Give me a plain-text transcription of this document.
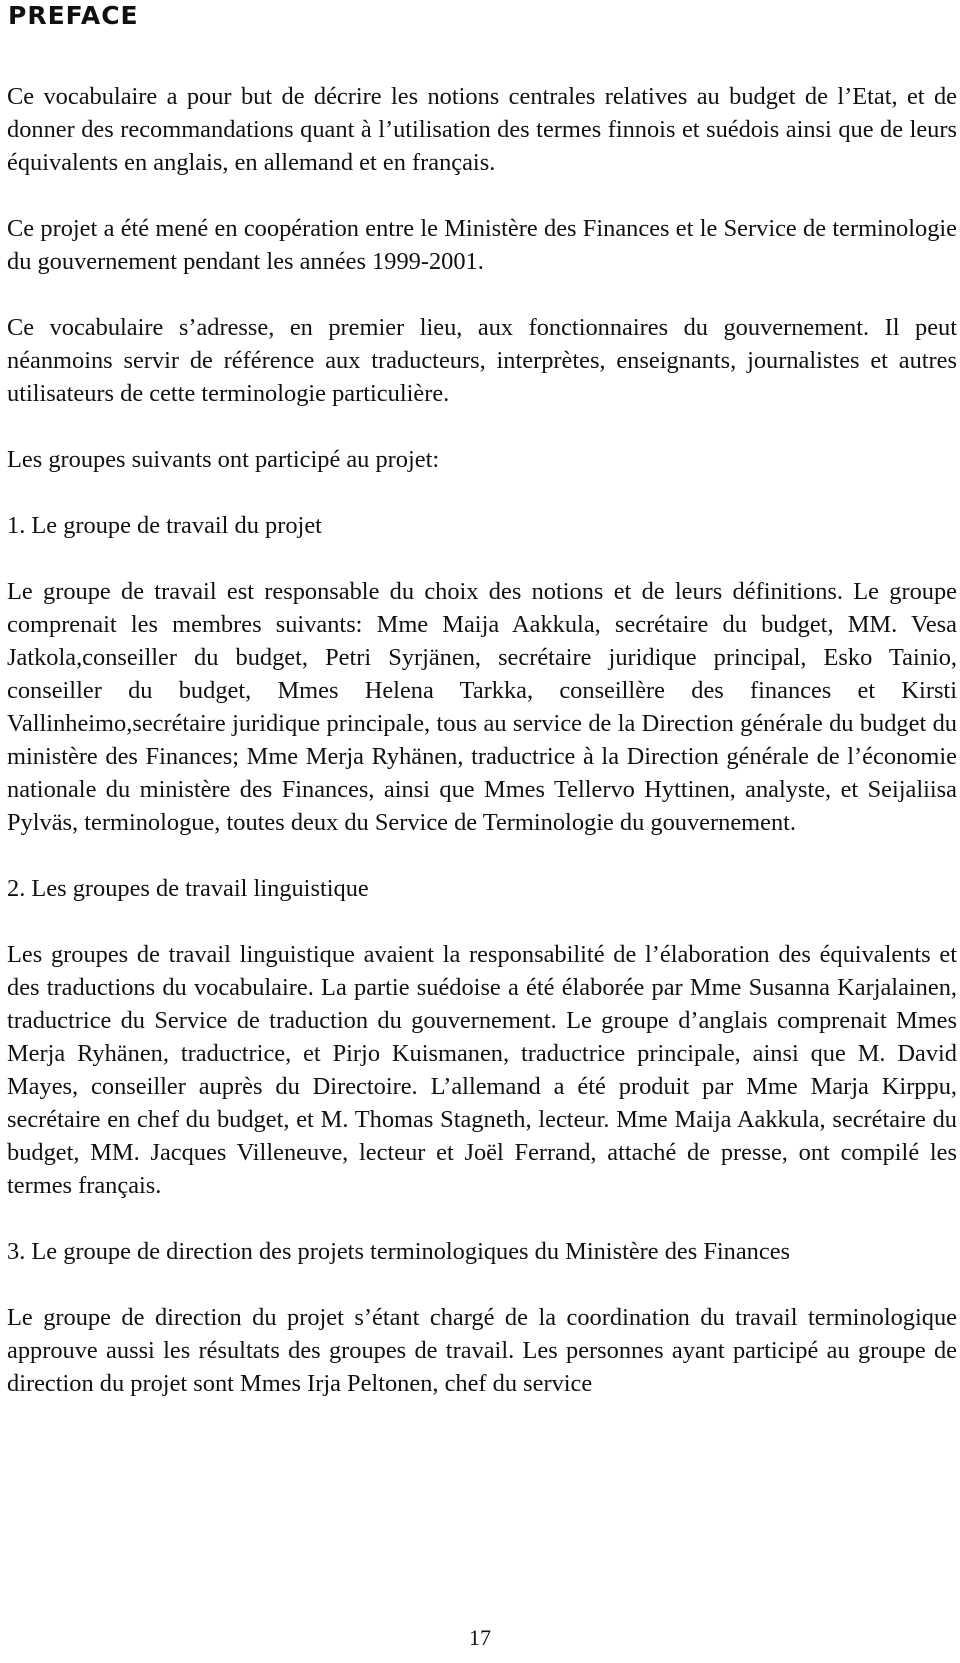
PREFACE

Ce vocabulaire a pour but de décrire les notions centrales relatives au budget de l’Etat, et de donner des recommandations quant à l’utilisation des termes finnois et suédois ainsi que de leurs équivalents en anglais, en allemand et en français.

Ce projet a été mené en coopération entre le Ministère des Finances et le Service de terminologie du gouvernement pendant les années 1999-2001.

Ce vocabulaire s’adresse, en premier lieu, aux fonctionnaires du gouvernement. Il peut néanmoins servir de référence aux traducteurs, interprètes, enseignants, journalistes et autres utilisateurs de cette terminologie particulière.

Les groupes suivants ont participé au projet:

1. Le groupe de travail du projet

Le groupe de travail est responsable du choix des notions et de leurs définitions. Le groupe comprenait les membres suivants: Mme Maija Aakkula, secrétaire du budget, MM. Vesa Jatkola,conseiller du budget, Petri Syrjänen, secrétaire juridique principal, Esko Tainio, conseiller du budget, Mmes Helena Tarkka, conseillère des finances et Kirsti Vallinheimo,secrétaire juridique principale, tous au service de la Direction générale du budget du ministère des Finances; Mme Merja Ryhänen, traductrice à la Direction générale de l’économie nationale du ministère des Finances, ainsi que Mmes Tellervo Hyttinen, analyste, et Seijaliisa Pylväs, terminologue, toutes deux du Service de Terminologie du gouvernement.

2. Les groupes de travail linguistique

Les groupes de travail linguistique avaient la responsabilité de l’élaboration des équivalents et des traductions du vocabulaire. La partie suédoise a été élaborée par Mme Susanna Karjalainen, traductrice du Service de traduction du gouvernement. Le groupe d’anglais comprenait Mmes Merja Ryhänen, traductrice, et Pirjo Kuismanen, traductrice principale, ainsi que M. David Mayes, conseiller auprès du Directoire. L’allemand a été produit par Mme Marja Kirppu, secrétaire en chef du budget, et M. Thomas Stagneth, lecteur. Mme Maija Aakkula, secrétaire du budget, MM. Jacques Villeneuve, lecteur et Joël Ferrand, attaché de presse, ont compilé les termes français.

3. Le groupe de direction des projets terminologiques du Ministère des Finances

Le groupe de direction du projet s’étant chargé de la coordination du travail terminologique approuve aussi les résultats des groupes de travail. Les personnes ayant participé au groupe de direction du projet sont Mmes Irja Peltonen, chef du service

17
